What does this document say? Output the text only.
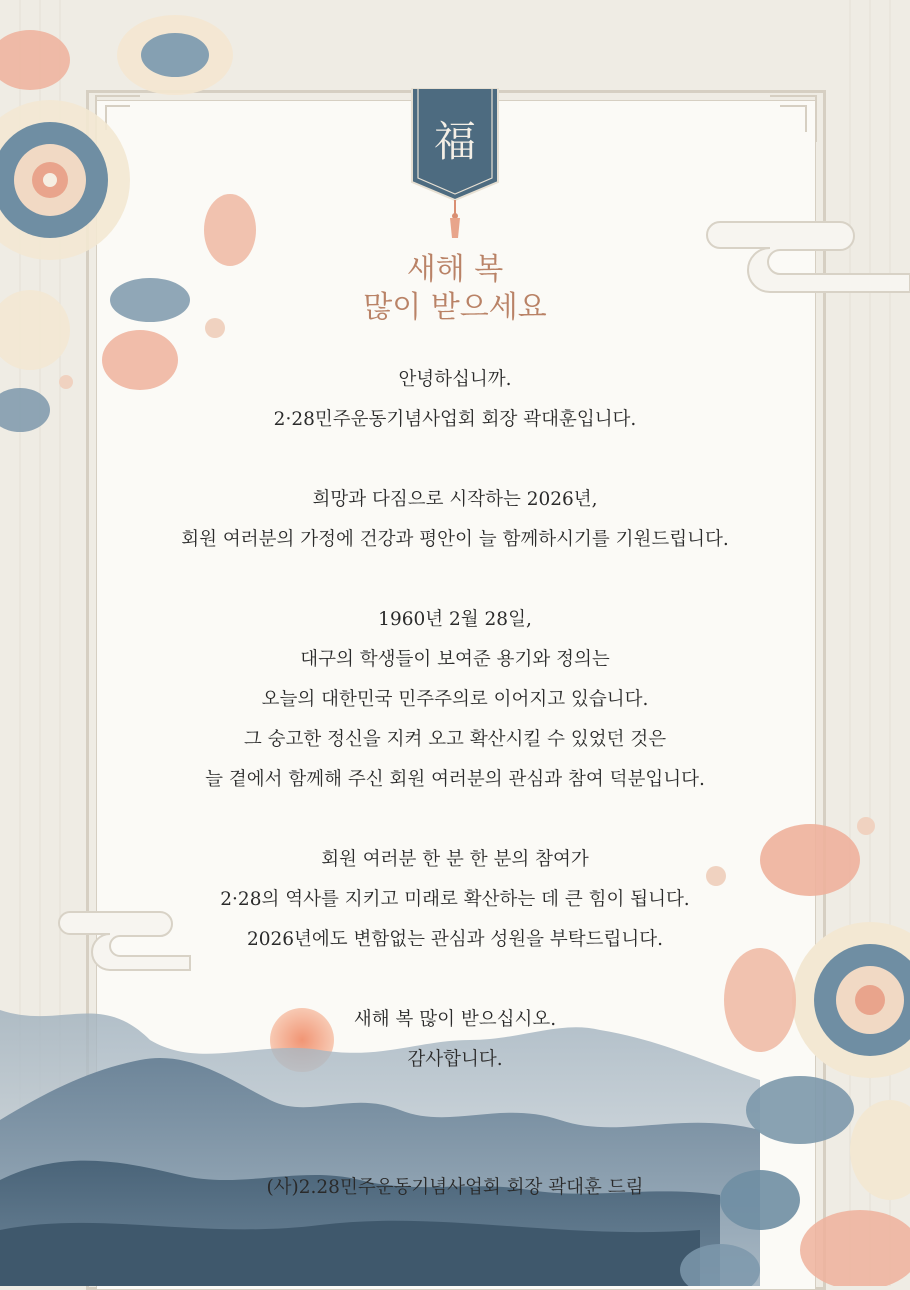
福
새해 복
많이 받으세요
안녕하십니까.
2·28민주운동기념사업회 회장 곽대훈입니다.
희망과 다짐으로 시작하는 2026년,
회원 여러분의 가정에 건강과 평안이 늘 함께하시기를 기원드립니다.
1960년 2월 28일,
대구의 학생들이 보여준 용기와 정의는
오늘의 대한민국 민주주의로 이어지고 있습니다.
그 숭고한 정신을 지켜 오고 확산시킬 수 있었던 것은
늘 곁에서 함께해 주신 회원 여러분의 관심과 참여 덕분입니다.
회원 여러분 한 분 한 분의 참여가
2·28의 역사를 지키고 미래로 확산하는 데 큰 힘이 됩니다.
2026년에도 변함없는 관심과 성원을 부탁드립니다.
새해 복 많이 받으십시오.
감사합니다.
(사)2.28민주운동기념사업회 회장 곽대훈 드림
